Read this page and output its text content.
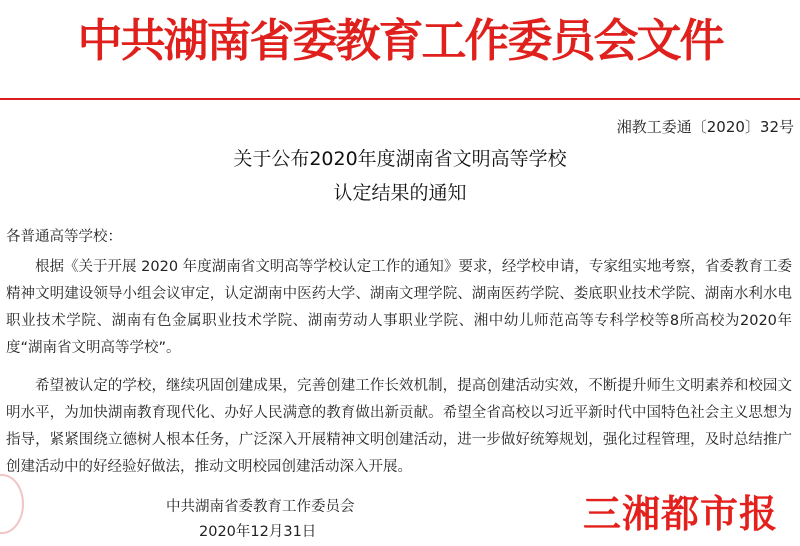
中共湖南省委教育工作委员会文件
湘教工委通〔2020〕32号
关于公布2020年度湖南省文明高等学校
认定结果的通知
各普通高等学校：

根据《关于开展 2020 年度湖南省文明高等学校认定工作的通知》要求，经学校申请，专家组实地考察，省委教育工委精神文明建设领导小组会议审定，认定湖南中医药大学、湖南文理学院、湖南医药学院、娄底职业技术学院、湖南水利水电职业技术学院、湖南有色金属职业技术学院、湖南劳动人事职业学院、湘中幼儿师范高等专科学校等8所高校为2020年度“湖南省文明高等学校”。

希望被认定的学校，继续巩固创建成果，完善创建工作长效机制，提高创建活动实效，不断提升师生文明素养和校园文明水平，为加快湖南教育现代化、办好人民满意的教育做出新贡献。希望全省高校以习近平新时代中国特色社会主义思想为指导，紧紧围绕立德树人根本任务，广泛深入开展精神文明创建活动，进一步做好统筹规划，强化过程管理，及时总结推广创建活动中的好经验好做法，推动文明校园创建活动深入开展。

中共湖南省委教育工作委员会
2020年12月31日	三湘都市报
